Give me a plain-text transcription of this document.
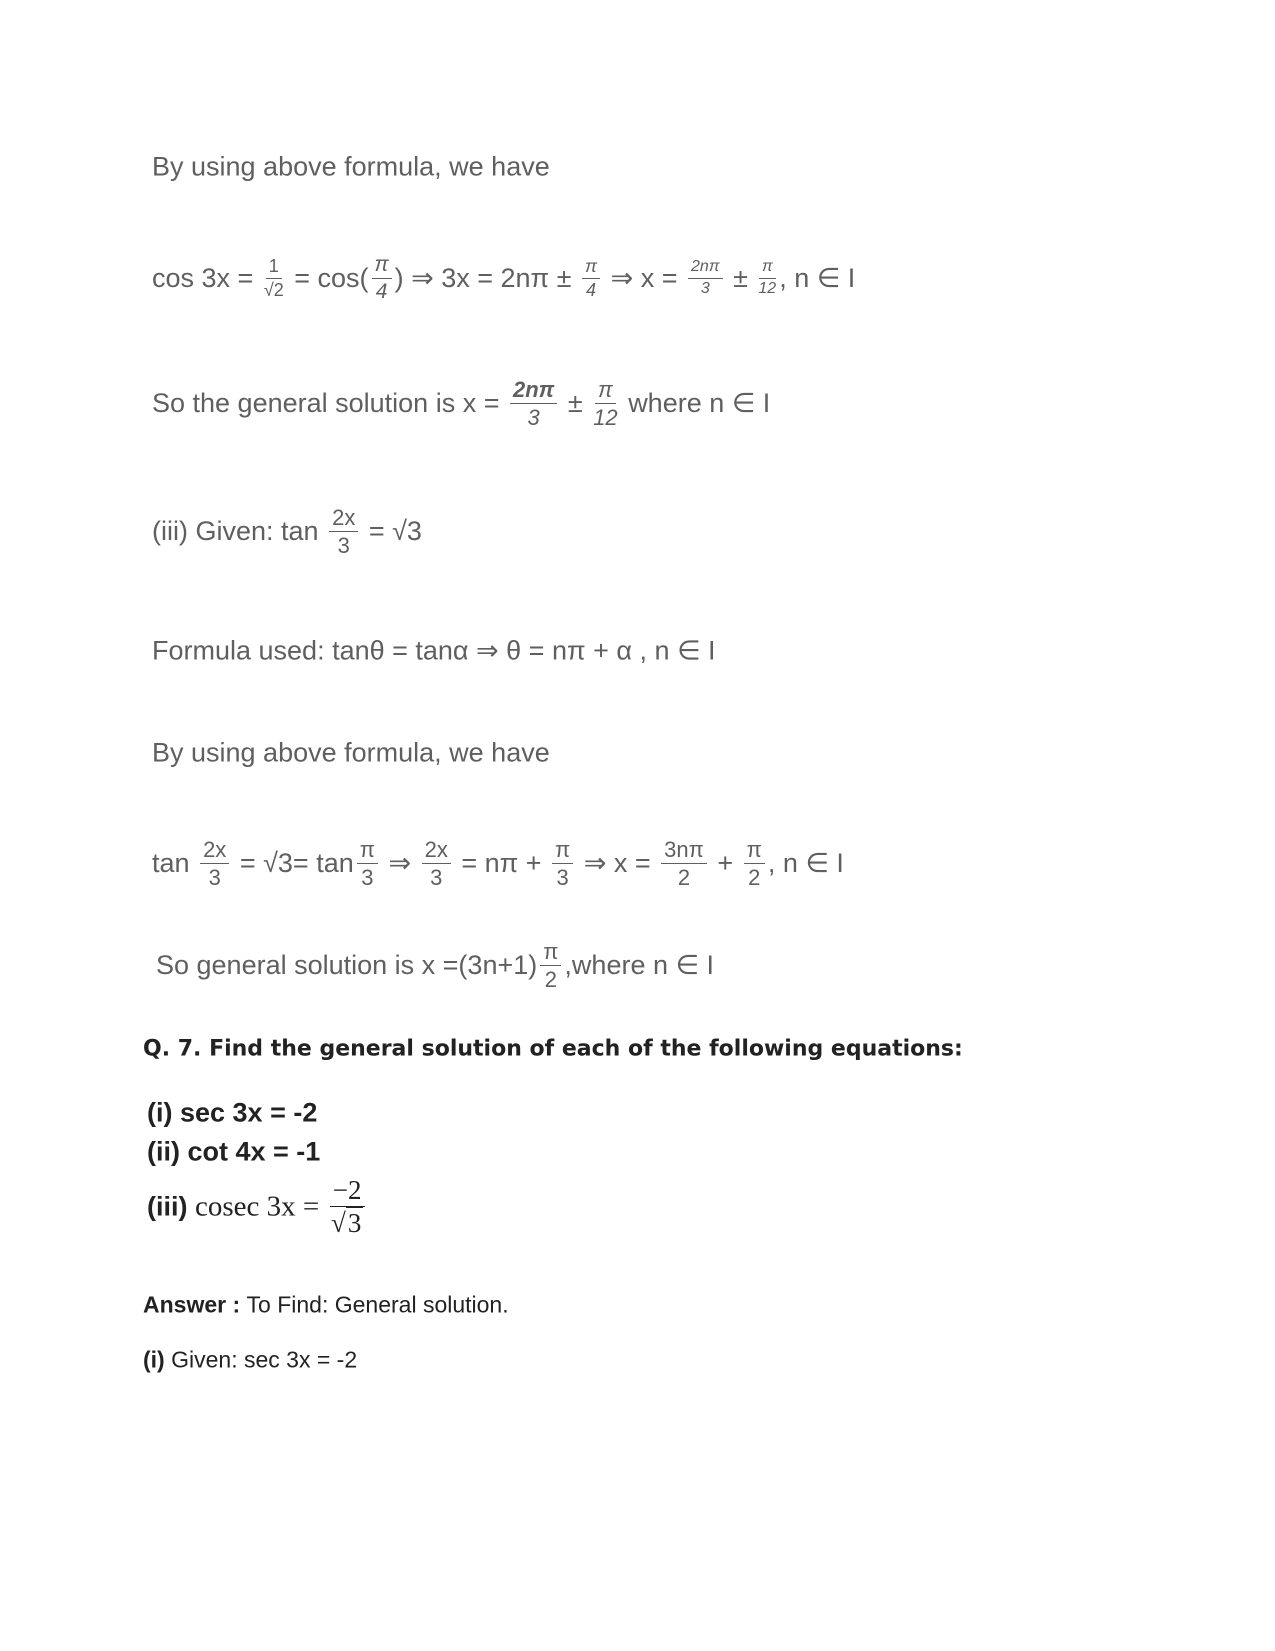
By using above formula, we have
$\cos 3x = \frac{1}{√2} = \cos( \frac{\pi}{4}$ ) ⇒ $3x = 2n\pi \pm \frac{\pi}{4}$ ⇒ $x = \frac{2n\pi}{3} \pm \frac{\pi}{12}$ , n ∈ I
So the general solution is $x = \frac{2n\pi}{3} \pm \frac{\pi}{12}$ where n ∈ I
(iii) Given: $\tan \frac{2x}{3} = √3$
Formula used: tanθ = tanα ⇒ θ = nπ + α , n ∈ I
By using above formula, we have
$\tan \frac{2x}{3} = √3= \tan \frac{\pi}{3}$ ⇒ $\frac{2x}{3} = n\pi + \frac{\pi}{3}$ ⇒ $x = \frac{3n\pi}{2} + \frac{\pi}{2}$ , n ∈ I
So general solution is $x =(3n+1) \frac{\pi}{2}$ ,where n ∈ I
Q. 7. Find the general solution of each of the following equations:
(i) sec 3x = -2
(ii) cot 4x = -1
(iii) cosec $3x = \frac{-2}{√3}$
Answer : To Find: General solution.
(i) Given: sec 3x = -2
